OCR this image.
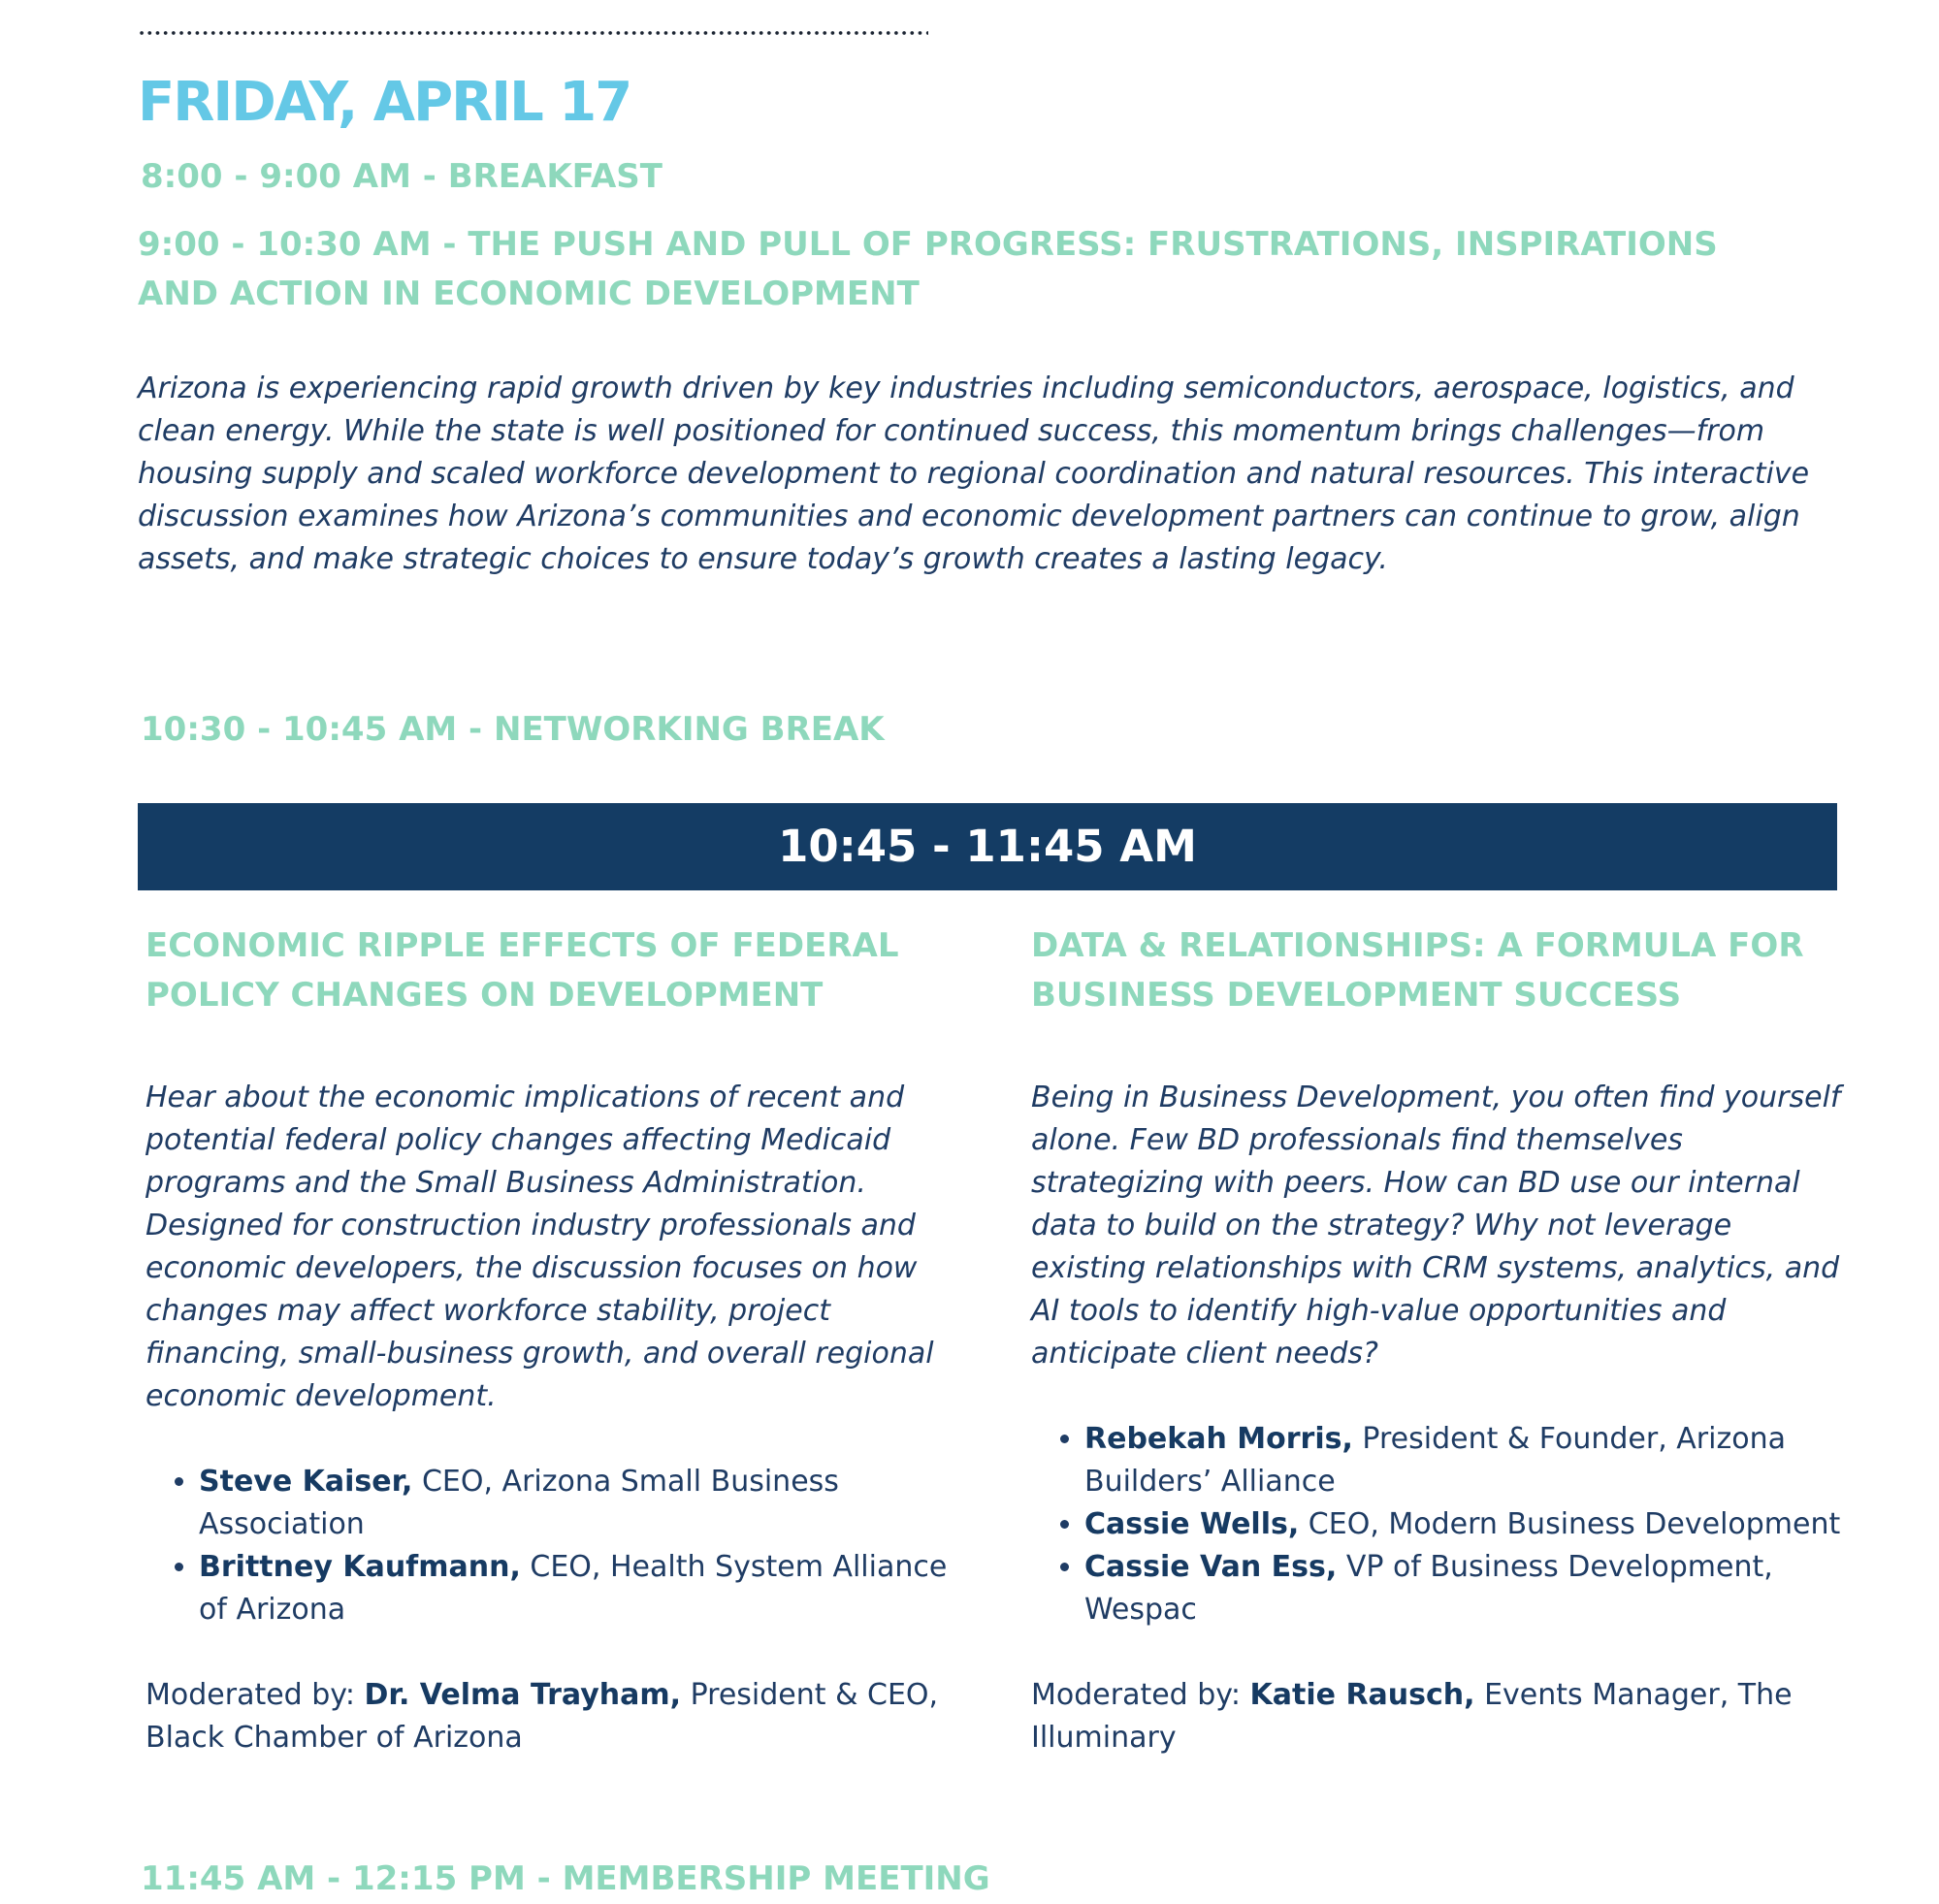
FRIDAY, APRIL 17
8:00 - 9:00 AM - BREAKFAST
9:00 - 10:30 AM - THE PUSH AND PULL OF PROGRESS: FRUSTRATIONS, INSPIRATIONS AND ACTION IN ECONOMIC DEVELOPMENT
Arizona is experiencing rapid growth driven by key industries including semiconductors, aerospace, logistics, and clean energy. While the state is well positioned for continued success, this momentum brings challenges—from housing supply and scaled workforce development to regional coordination and natural resources. This interactive discussion examines how Arizona’s communities and economic development partners can continue to grow, align assets, and make strategic choices to ensure today’s growth creates a lasting legacy.
10:30 - 10:45 AM - NETWORKING BREAK
10:45 - 11:45 AM
ECONOMIC RIPPLE EFFECTS OF FEDERAL POLICY CHANGES ON DEVELOPMENT
Hear about the economic implications of recent and potential federal policy changes affecting Medicaid programs and the Small Business Administration. Designed for construction industry professionals and economic developers, the discussion focuses on how changes may affect workforce stability, project financing, small-business growth, and overall regional economic development.
• Steve Kaiser, CEO, Arizona Small Business Association
• Brittney Kaufmann, CEO, Health System Alliance of Arizona
Moderated by: Dr. Velma Trayham, President & CEO, Black Chamber of Arizona
DATA & RELATIONSHIPS: A FORMULA FOR BUSINESS DEVELOPMENT SUCCESS
Being in Business Development, you often find yourself alone. Few BD professionals find themselves strategizing with peers. How can BD use our internal data to build on the strategy? Why not leverage existing relationships with CRM systems, analytics, and AI tools to identify high-value opportunities and anticipate client needs?
• Rebekah Morris, President & Founder, Arizona Builders’ Alliance
• Cassie Wells, CEO, Modern Business Development
• Cassie Van Ess, VP of Business Development, Wespac
Moderated by: Katie Rausch, Events Manager, The Illuminary
11:45 AM - 12:15 PM - MEMBERSHIP MEETING
